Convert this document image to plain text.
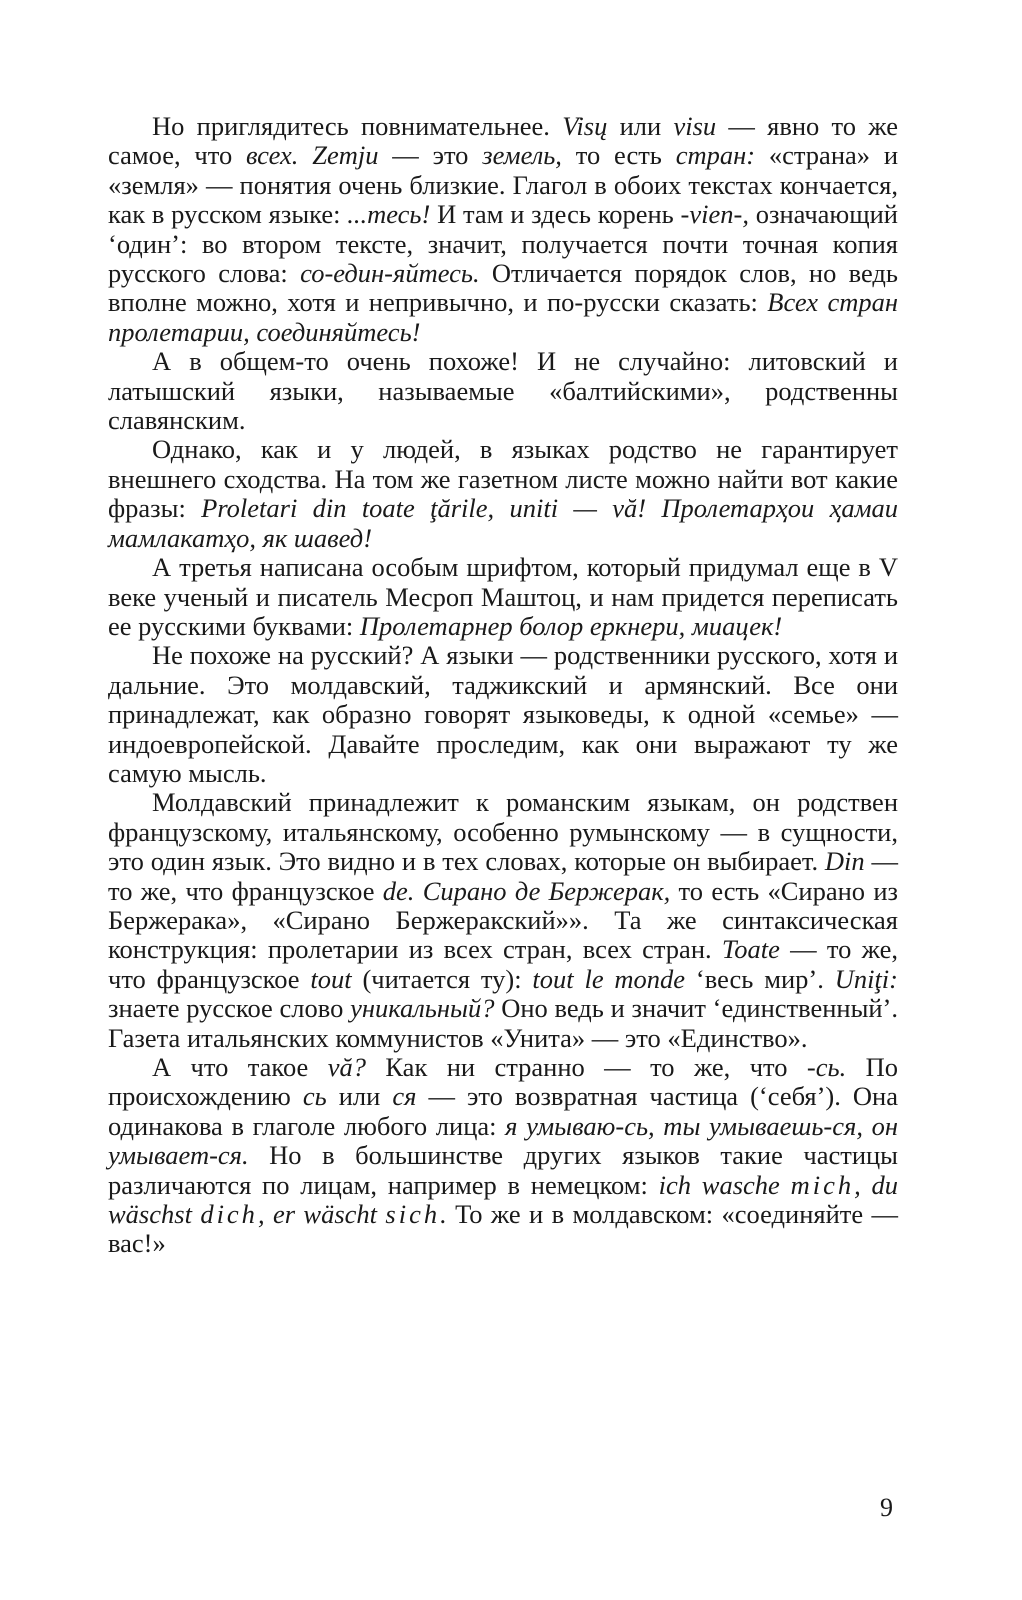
Но приглядитесь повнимательнее. Visų или visu — явно то же самое, что всех. Zemju — это земель, то есть стран: «страна» и «земля» — понятия очень близкие. Глагол в обоих текстах кончается, как в русском языке: ...тесь! И там и здесь корень -vien-, означающий ‘один’: во втором тексте, значит, получается почти точная копия русского слова: со-един-яйтесь. Отличается порядок слов, но ведь вполне можно, хотя и непривычно, и по-русски сказать: Всех стран пролетарии, соединяйтесь!

А в общем-то очень похоже! И не случайно: литовский и латышский языки, называемые «балтийскими», родственны славянским.

Однако, как и у людей, в языках родство не гарантирует внешнего сходства. На том же газетном листе можно найти вот какие фразы: Proletari din toate ţările, uniti — vă! Пролетарҳои ҳамаи мамлакатҳо, як шавед!

А третья написана особым шрифтом, который придумал еще в V веке ученый и писатель Месроп Маштоц, и нам придется переписать ее русскими буквами: Пролетарнер болор еркнери, миацек!

Не похоже на русский? А языки — родственники русского, хотя и дальние. Это молдавский, таджикский и армянский. Все они принадлежат, как образно говорят языковеды, к одной «семье» — индоевропейской. Давайте проследим, как они выражают ту же самую мысль.

Молдавский принадлежит к романским языкам, он родствен французскому, итальянскому, особенно румынскому — в сущности, это один язык. Это видно и в тех словах, которые он выбирает. Din — то же, что французское de. Сирано де Бержерак, то есть «Сирано из Бержерака», «Сирано Бержеракский»». Та же синтаксическая конструкция: пролетарии из всех стран, всех стран. Toate — то же, что французское tout (читается ту): tout le monde ‘весь мир’. Uniţi: знаете русское слово уникальный? Оно ведь и значит ‘единственный’. Газета итальянских коммунистов «Унита» — это «Единство».

А что такое vă? Как ни странно — то же, что -сь. По происхождению сь или ся — это возвратная частица (‘себя’). Она одинакова в глаголе любого лица: я умываю-сь, ты умываешь-ся, он умывает-ся. Но в большинстве других языков такие частицы различаются по лицам, например в немецком: ich wasche mich, du wäschst dich, er wäscht sich. То же и в молдавском: «соединяйте — вас!»

9
